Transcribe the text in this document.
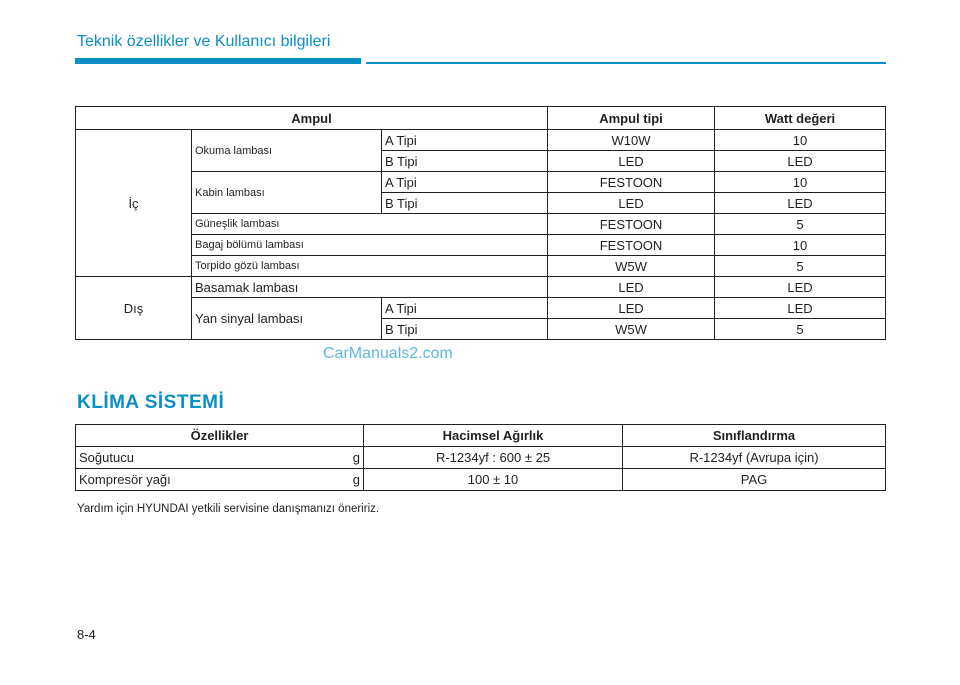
Teknik özellikler ve Kullanıcı bilgileri
Ampul			Ampul tipi	Watt değeri
İç	Okuma lambası	A Tipi	W10W	10
		B Tipi	LED	LED
	Kabin lambası	A Tipi	FESTOON	10
		B Tipi	LED	LED
	Güneşlik lambası		FESTOON	5
	Bagaj bölümü lambası		FESTOON	10
	Torpido gözü lambası		W5W	5
Dış	Basamak lambası		LED	LED
	Yan sinyal lambası	A Tipi	LED	LED
		B Tipi	W5W	5
CarManuals2.com
KLİMA SİSTEMİ
Özellikler	Hacimsel Ağırlık	Sınıflandırma

Soğutucu g	R-1234yf : 600 ± 25	R-1234yf (Avrupa için)

Kompresör yağı g	100 ± 10	PAG
Yardım için HYUNDAI yetkili servisine danışmanızı öneririz.
8-4
